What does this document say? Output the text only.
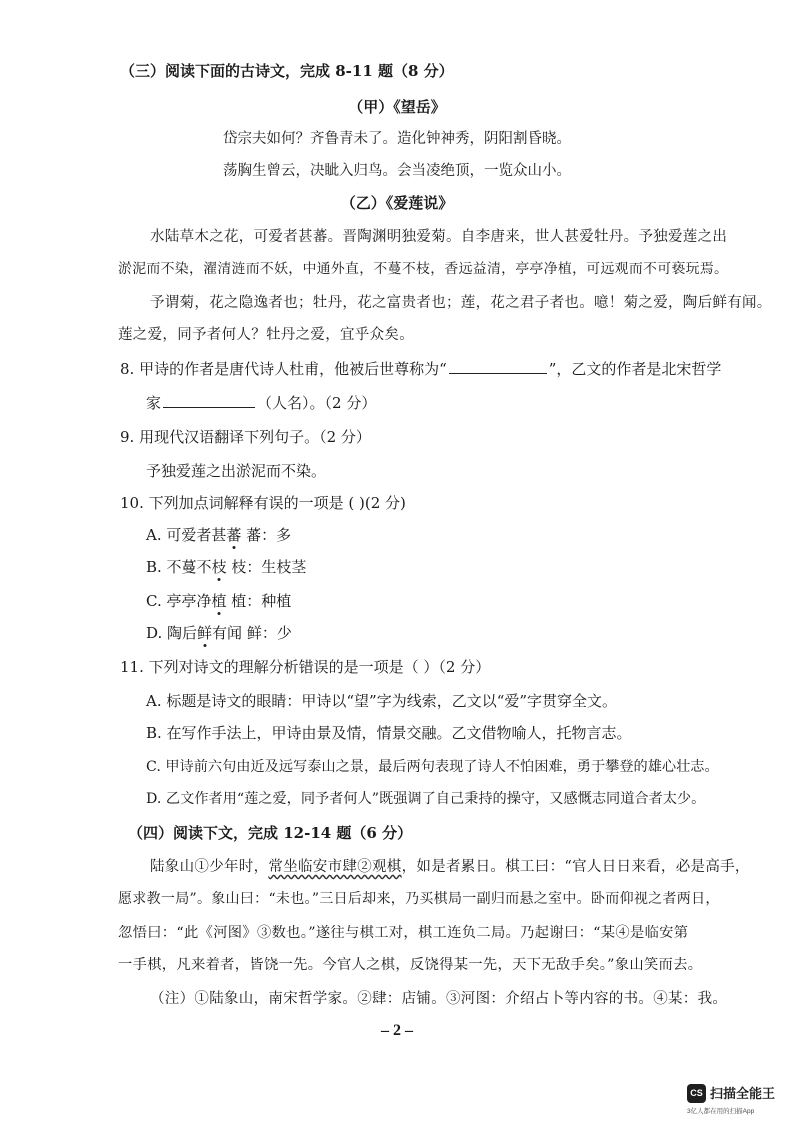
（三）阅读下面的古诗文，完成 8-11 题（8 分）
（甲）《望岳》
岱宗夫如何？齐鲁青未了。造化钟神秀，阴阳割昏晓。
荡胸生曾云，决眦入归鸟。会当凌绝顶，一览众山小。
（乙）《爱莲说》
水陆草木之花，可爱者甚蕃。晋陶渊明独爱菊。自李唐来，世人甚爱牡丹。予独爱莲之出
淤泥而不染，濯清涟而不妖，中通外直，不蔓不枝，香远益清，亭亭净植，可远观而不可亵玩焉。
予谓菊，花之隐逸者也；牡丹，花之富贵者也；莲，花之君子者也。噫！菊之爱，陶后鲜有闻。
莲之爱，同予者何人？牡丹之爱，宜乎众矣。
8. 甲诗的作者是唐代诗人杜甫，他被后世尊称为“	”，乙文的作者是北宋哲学
家	（人名）。（2 分）
9. 用现代汉语翻译下列句子。（2 分）
予独爱莲之出淤泥而不染。
10. 下列加点词解释有误的一项是 ( )(2 分)
A. 可爱者甚蕃 蕃：多
B. 不蔓不枝 枝：生枝茎
C. 亭亭净植 植：种植
D. 陶后鲜有闻 鲜：少
11. 下列对诗文的理解分析错误的是一项是（ ）（2 分）
A. 标题是诗文的眼睛：甲诗以“望”字为线索，乙文以“爱”字贯穿全文。
B. 在写作手法上，甲诗由景及情，情景交融。乙文借物喻人，托物言志。
C. 甲诗前六句由近及远写泰山之景，最后两句表现了诗人不怕困难，勇于攀登的雄心壮志。
D. 乙文作者用“莲之爱，同予者何人”既强调了自己秉持的操守，又感慨志同道合者太少。
（四）阅读下文，完成 12-14 题（6 分）
陆象山①少年时，常坐临安市肆②观棋，如是者累日。棋工曰：“官人日日来看，必是高手，
愿求教一局”。象山曰：“未也。”三日后却来，乃买棋局一副归而悬之室中。卧而仰视之者两日，
忽悟曰：“此《河图》③数也。”遂往与棋工对，棋工连负二局。乃起谢曰：“某④是临安第
一手棋，凡来着者，皆饶一先。今官人之棋，反饶得某一先，天下无敌手矣。”象山笑而去。
（注）①陆象山，南宋哲学家。②肆：店铺。③河图：介绍占卜等内容的书。④某：我。
– 2 –
CS 扫描全能王
3亿人都在用的扫描App
